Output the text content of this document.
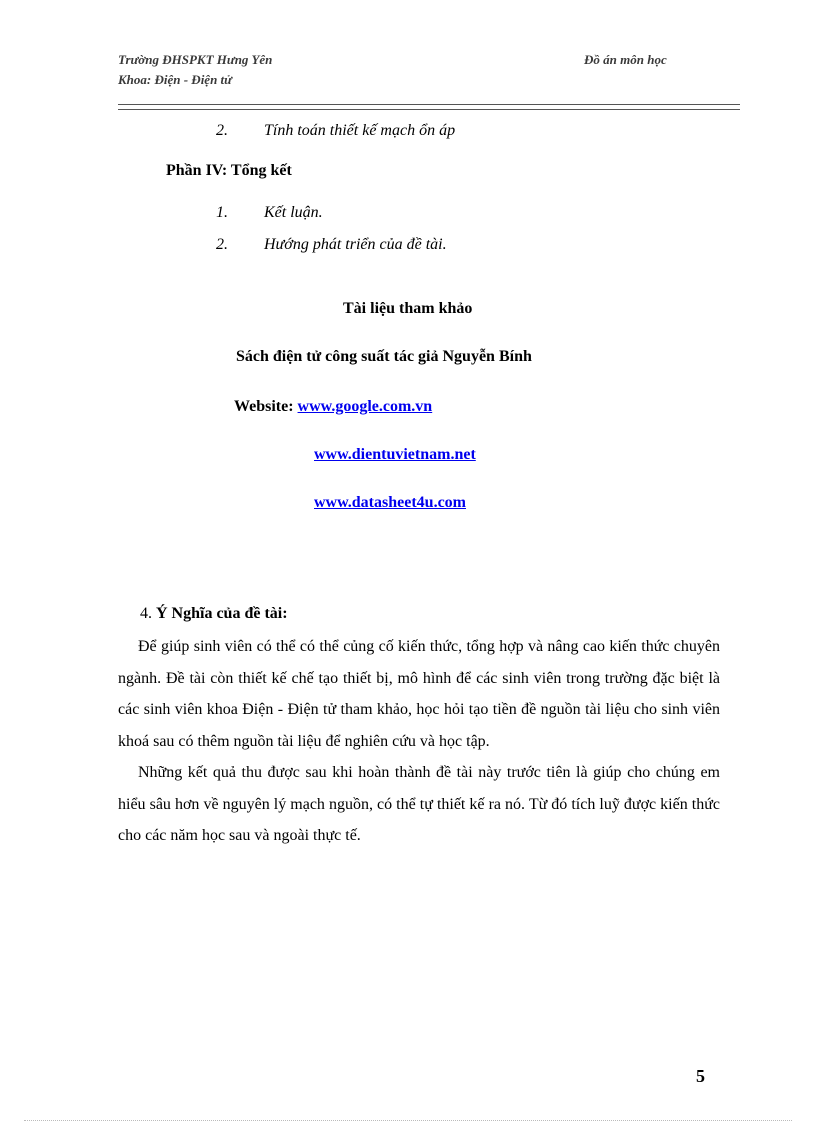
Trường ĐHSPKT Hưng Yên
Khoa: Điện - Điện tử
Đồ án môn học
2. Tính toán thiết kế mạch ổn áp
Phần IV: Tổng kết
1. Kết luận.
2. Hướng phát triển của đề tài.
Tài liệu tham khảo
Sách điện tử công suất tác giả Nguyễn Bính
Website: www.google.com.vn
www.dientuvietnam.net
www.datasheet4u.com
4. Ý Nghĩa của đề tài:

Để giúp sinh viên có thể có thể củng cố kiến thức, tổng hợp và nâng cao kiến thức chuyên ngành. Đề tài còn thiết kế chế tạo thiết bị, mô hình để các sinh viên trong trường đặc biệt là các sinh viên khoa Điện - Điện tử tham khảo, học hỏi tạo tiền đề nguồn tài liệu cho sinh viên khoá sau có thêm nguồn tài liệu để nghiên cứu và học tập.

Những kết quả thu được sau khi hoàn thành đề tài này trước tiên là giúp cho chúng em hiểu sâu hơn về nguyên lý mạch nguồn, có thể tự thiết kế ra nó. Từ đó tích luỹ được kiến thức cho các năm học sau và ngoài thực tế.

5
